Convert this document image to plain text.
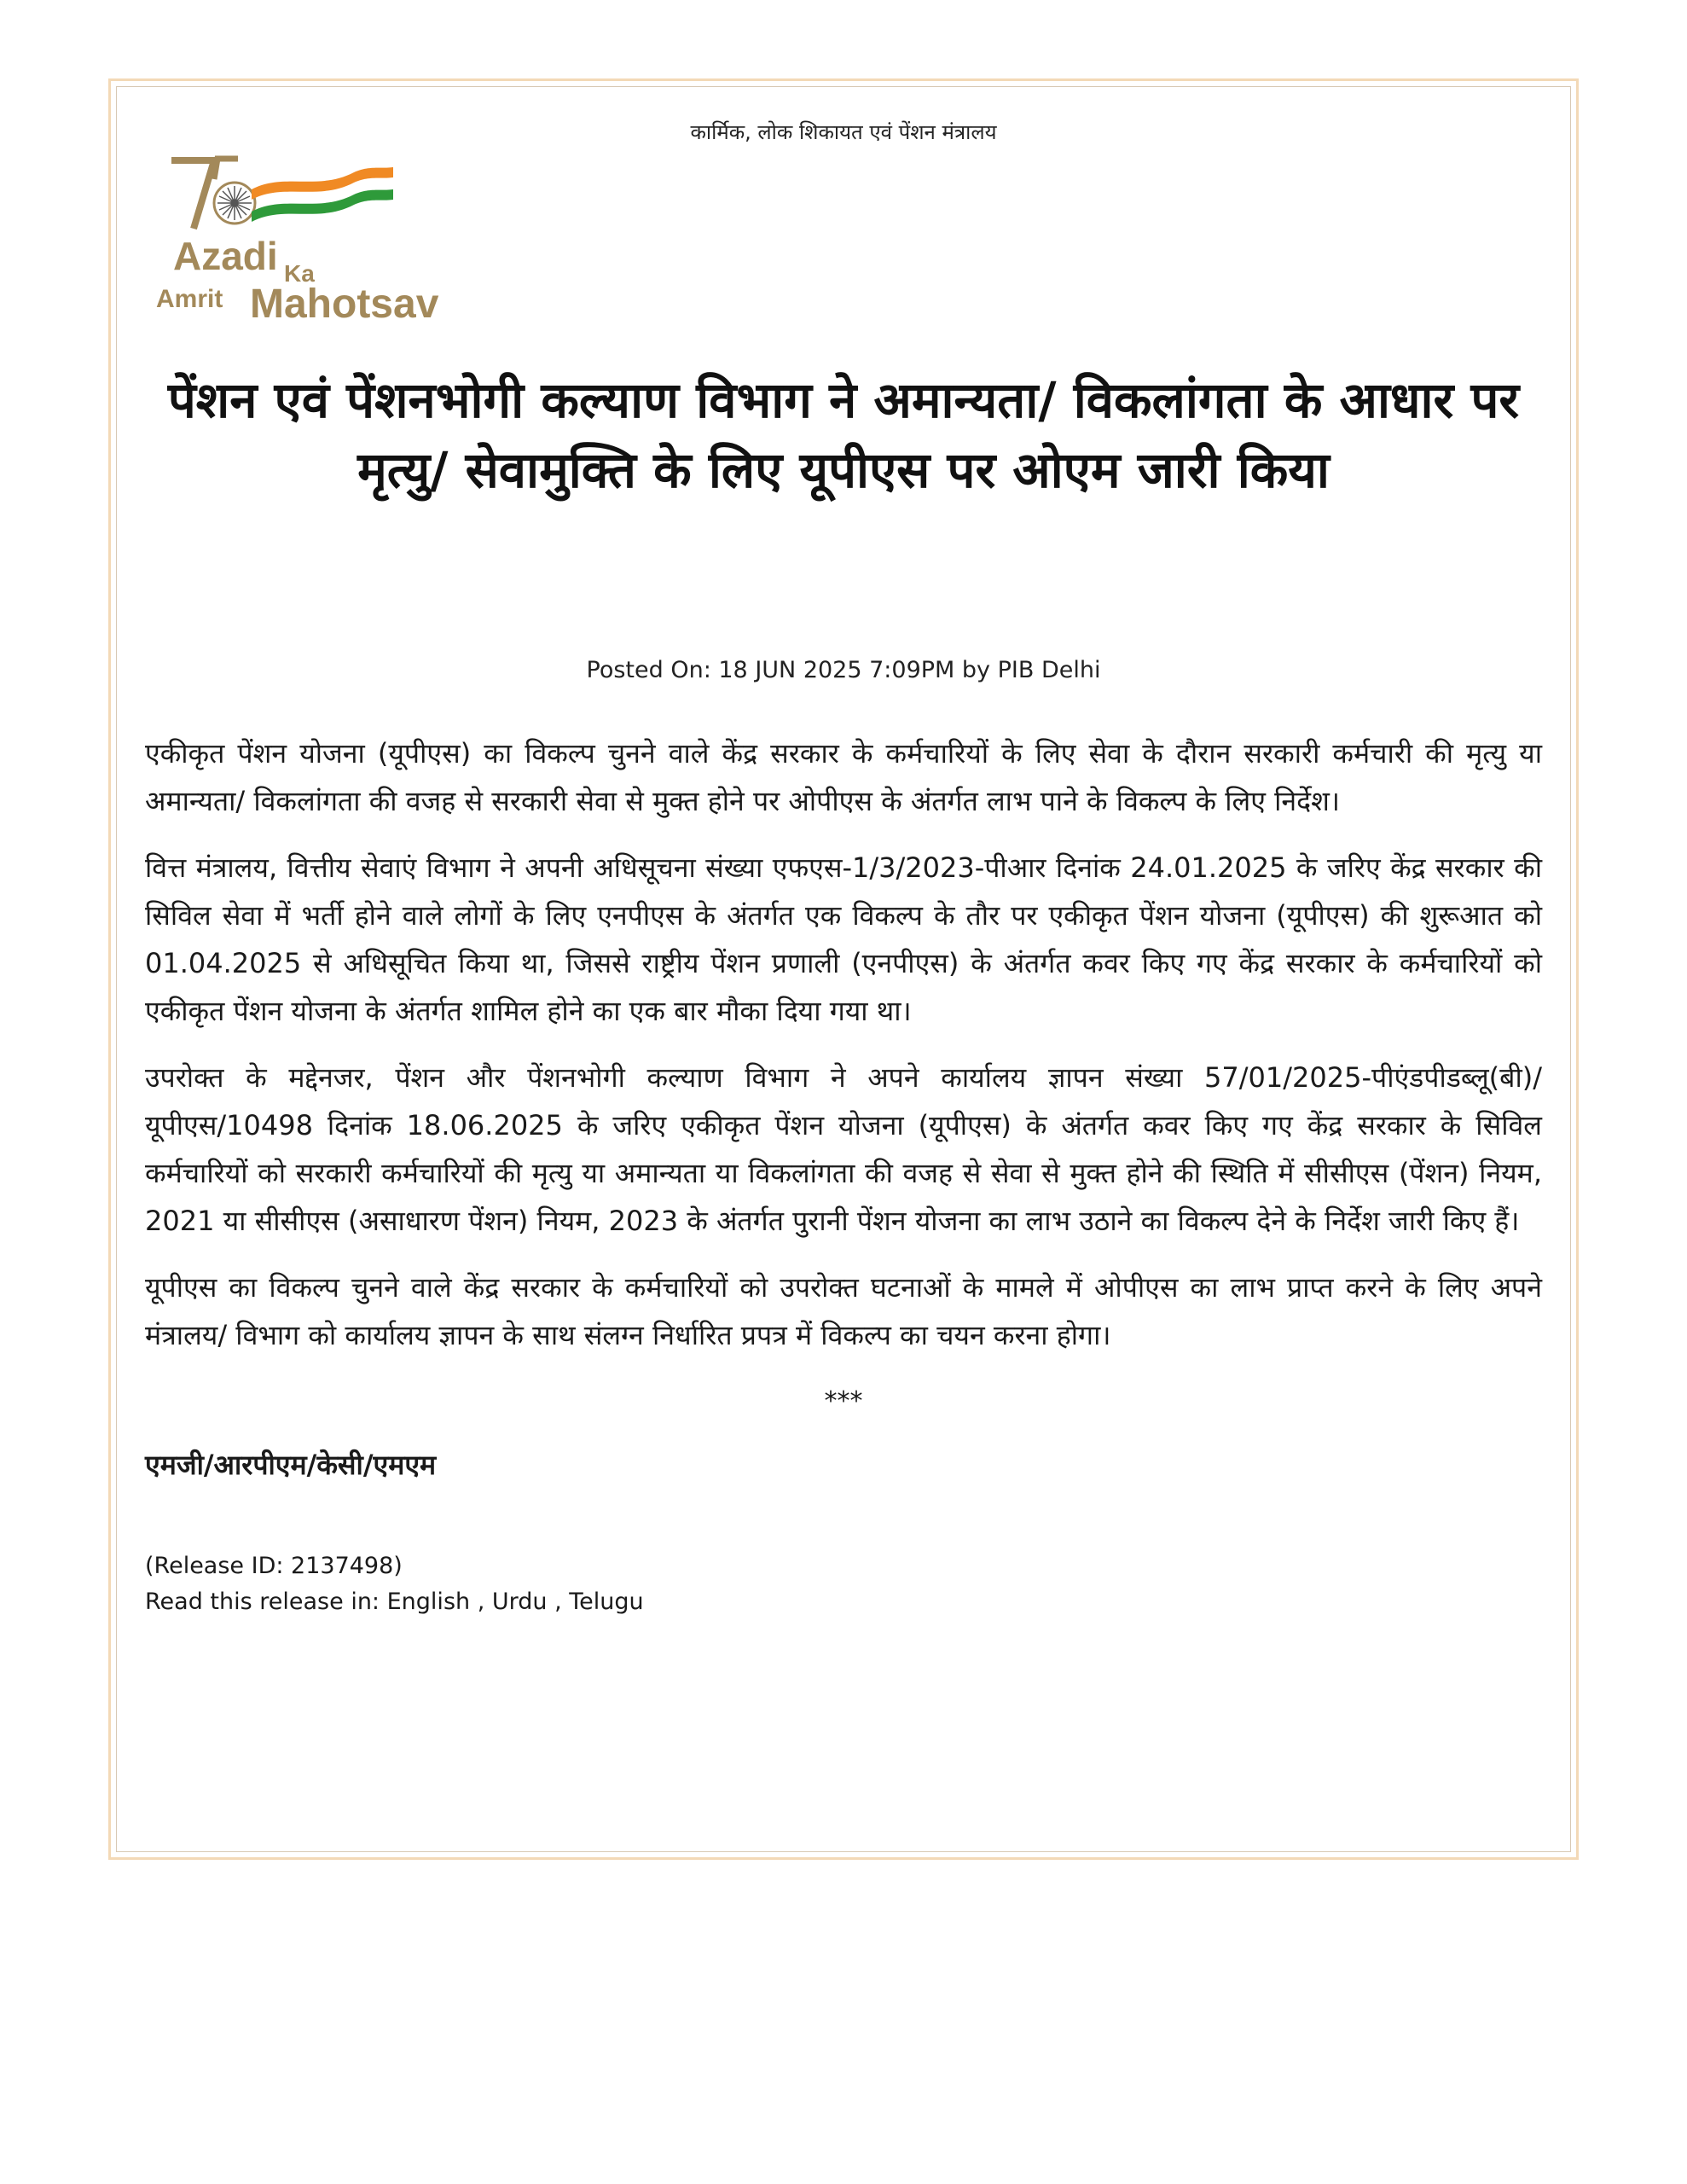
कार्मिक, लोक शिकायत एवं पेंशन मंत्रालय
Azadi Ka
Amrit Mahotsav
पेंशन एवं पेंशनभोगी कल्याण विभाग ने अमान्यता/ विकलांगता के आधार पर मृत्यु/ सेवामुक्ति के लिए यूपीएस पर ओएम जारी किया
Posted On: 18 JUN 2025 7:09PM by PIB Delhi

एकीकृत पेंशन योजना (यूपीएस) का विकल्प चुनने वाले केंद्र सरकार के कर्मचारियों के लिए सेवा के दौरान सरकारी कर्मचारी की मृत्यु या अमान्यता/ विकलांगता की वजह से सरकारी सेवा से मुक्त होने पर ओपीएस के अंतर्गत लाभ पाने के विकल्प के लिए निर्देश।

वित्त मंत्रालय, वित्तीय सेवाएं विभाग ने अपनी अधिसूचना संख्या एफएस-1/3/2023-पीआर दिनांक 24.01.2025 के जरिए केंद्र सरकार की सिविल सेवा में भर्ती होने वाले लोगों के लिए एनपीएस के अंतर्गत एक विकल्प के तौर पर एकीकृत पेंशन योजना (यूपीएस) की शुरूआत को 01.04.2025 से अधिसूचित किया था, जिससे राष्ट्रीय पेंशन प्रणाली (एनपीएस) के अंतर्गत कवर किए गए केंद्र सरकार के कर्मचारियों को एकीकृत पेंशन योजना के अंतर्गत शामिल होने का एक बार मौका दिया गया था।

उपरोक्त के मद्देनजर, पेंशन और पेंशनभोगी कल्याण विभाग ने अपने कार्यालय ज्ञापन संख्या 57/01/2025-पीएंडपीडब्लू(बी)/ यूपीएस/10498 दिनांक 18.06.2025 के जरिए एकीकृत पेंशन योजना (यूपीएस) के अंतर्गत कवर किए गए केंद्र सरकार के सिविल कर्मचारियों को सरकारी कर्मचारियों की मृत्यु या अमान्यता या विकलांगता की वजह से सेवा से मुक्त होने की स्थिति में सीसीएस (पेंशन) नियम, 2021 या सीसीएस (असाधारण पेंशन) नियम, 2023 के अंतर्गत पुरानी पेंशन योजना का लाभ उठाने का विकल्प देने के निर्देश जारी किए हैं।

यूपीएस का विकल्प चुनने वाले केंद्र सरकार के कर्मचारियों को उपरोक्त घटनाओं के मामले में ओपीएस का लाभ प्राप्त करने के लिए अपने मंत्रालय/ विभाग को कार्यालय ज्ञापन के साथ संलग्न निर्धारित प्रपत्र में विकल्प का चयन करना होगा।

***
एमजी/आरपीएम/केसी/एमएम
(Release ID: 2137498)
Read this release in: English , Urdu , Telugu
